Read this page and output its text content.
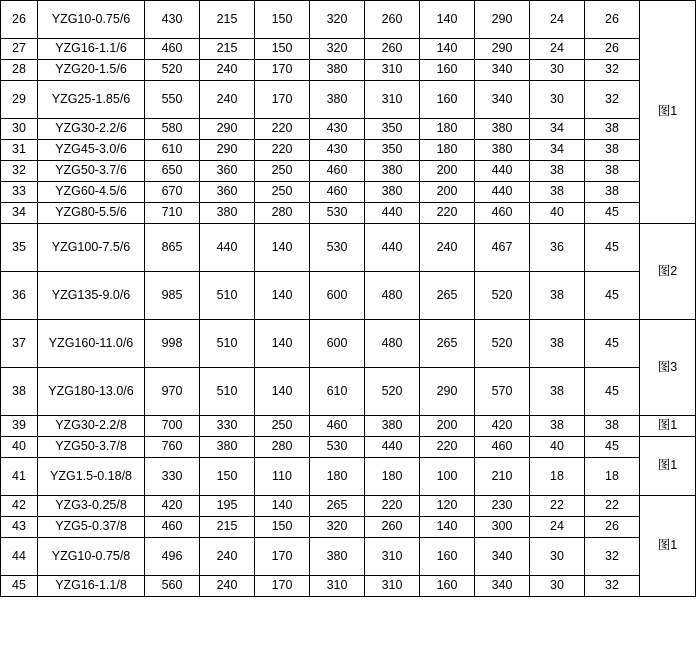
26	YZG10-0.75/6	430	215	150	320	260	140	290	24	26	图1
27	YZG16-1.1/6	460	215	150	320	260	140	290	24	26	
28	YZG20-1.5/6	520	240	170	380	310	160	340	30	32	
29	YZG25-1.85/6	550	240	170	380	310	160	340	30	32	
30	YZG30-2.2/6	580	290	220	430	350	180	380	34	38	
31	YZG45-3.0/6	610	290	220	430	350	180	380	34	38	
32	YZG50-3.7/6	650	360	250	460	380	200	440	38	38	
33	YZG60-4.5/6	670	360	250	460	380	200	440	38	38	
34	YZG80-5.5/6	710	380	280	530	440	220	460	40	45	
35	YZG100-7.5/6	865	440	140	530	440	240	467	36	45	图2
36	YZG135-9.0/6	985	510	140	600	480	265	520	38	45	
37	YZG160-11.0/6	998	510	140	600	480	265	520	38	45	图3
38	YZG180-13.0/6	970	510	140	610	520	290	570	38	45	
39	YZG30-2.2/8	700	330	250	460	380	200	420	38	38	图1
40	YZG50-3.7/8	760	380	280	530	440	220	460	40	45	图1
41	YZG1.5-0.18/8	330	150	110	180	180	100	210	18	18	
42	YZG3-0.25/8	420	195	140	265	220	120	230	22	22	图1
43	YZG5-0.37/8	460	215	150	320	260	140	300	24	26	
44	YZG10-0.75/8	496	240	170	380	310	160	340	30	32	
45	YZG16-1.1/8	560	240	170	310	310	160	340	30	32	
